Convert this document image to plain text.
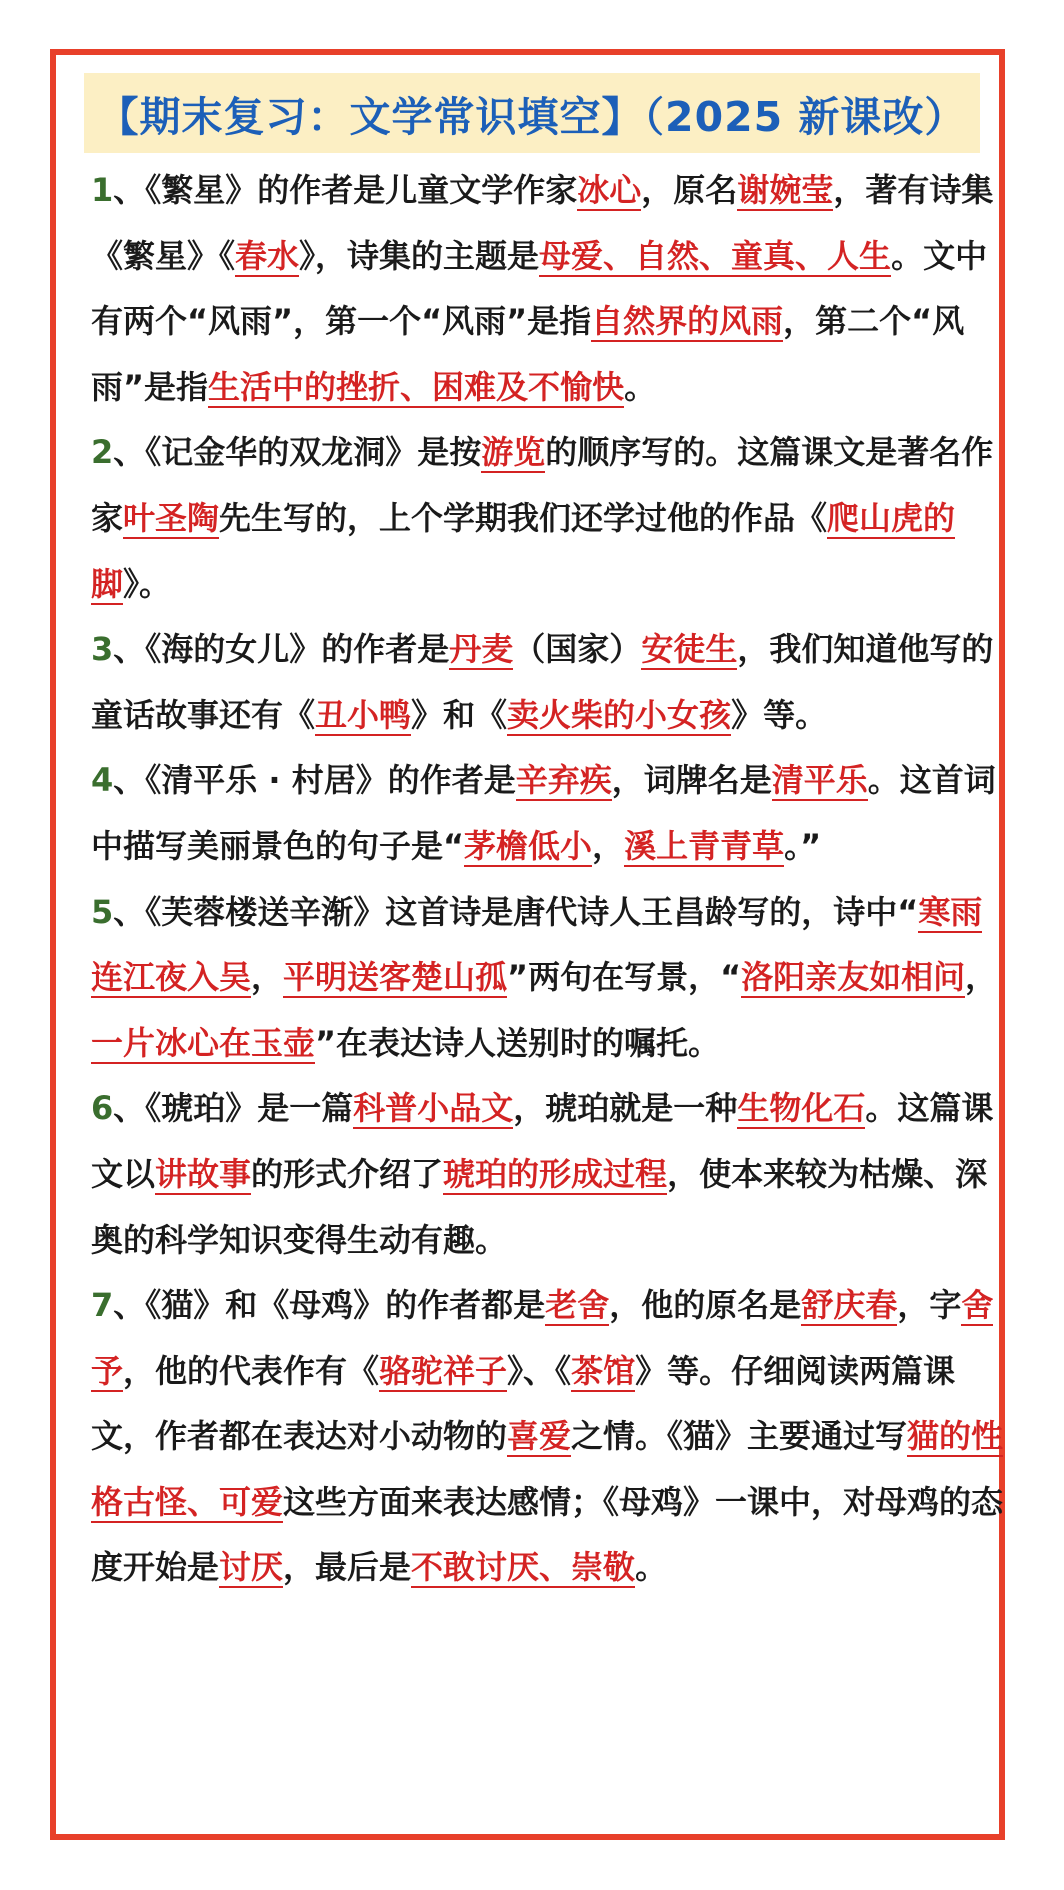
【期末复习：文学常识填空】（2025 新课改）

1、《繁星》的作者是儿童文学作家冰心，原名谢婉莹，著有诗集《繁星》《春水》，诗集的主题是母爱、自然、童真、人生。文中有两个“风雨”，第一个“风雨”是指自然界的风雨，第二个“风雨”是指生活中的挫折、困难及不愉快。

2、《记金华的双龙洞》是按游览的顺序写的。这篇课文是著名作家叶圣陶先生写的，上个学期我们还学过他的作品《爬山虎的脚》。

3、《海的女儿》的作者是丹麦（国家）安徒生，我们知道他写的童话故事还有《丑小鸭》和《卖火柴的小女孩》等。

4、《清平乐 · 村居》的作者是辛弃疾，词牌名是清平乐。这首词中描写美丽景色的句子是“茅檐低小，溪上青青草。”

5、《芙蓉楼送辛渐》这首诗是唐代诗人王昌龄写的，诗中“寒雨连江夜入吴，平明送客楚山孤”两句在写景，“洛阳亲友如相问，一片冰心在玉壶”在表达诗人送别时的嘱托。

6、《琥珀》是一篇科普小品文，琥珀就是一种生物化石。这篇课文以讲故事的形式介绍了琥珀的形成过程，使本来较为枯燥、深奥的科学知识变得生动有趣。

7、《猫》和《母鸡》的作者都是老舍，他的原名是舒庆春，字舍予，他的代表作有《骆驼祥子》、《茶馆》等。仔细阅读两篇课文，作者都在表达对小动物的喜爱之情。《猫》主要通过写猫的性格古怪、可爱这些方面来表达感情；《母鸡》一课中，对母鸡的态度开始是讨厌，最后是不敢讨厌、崇敬。
